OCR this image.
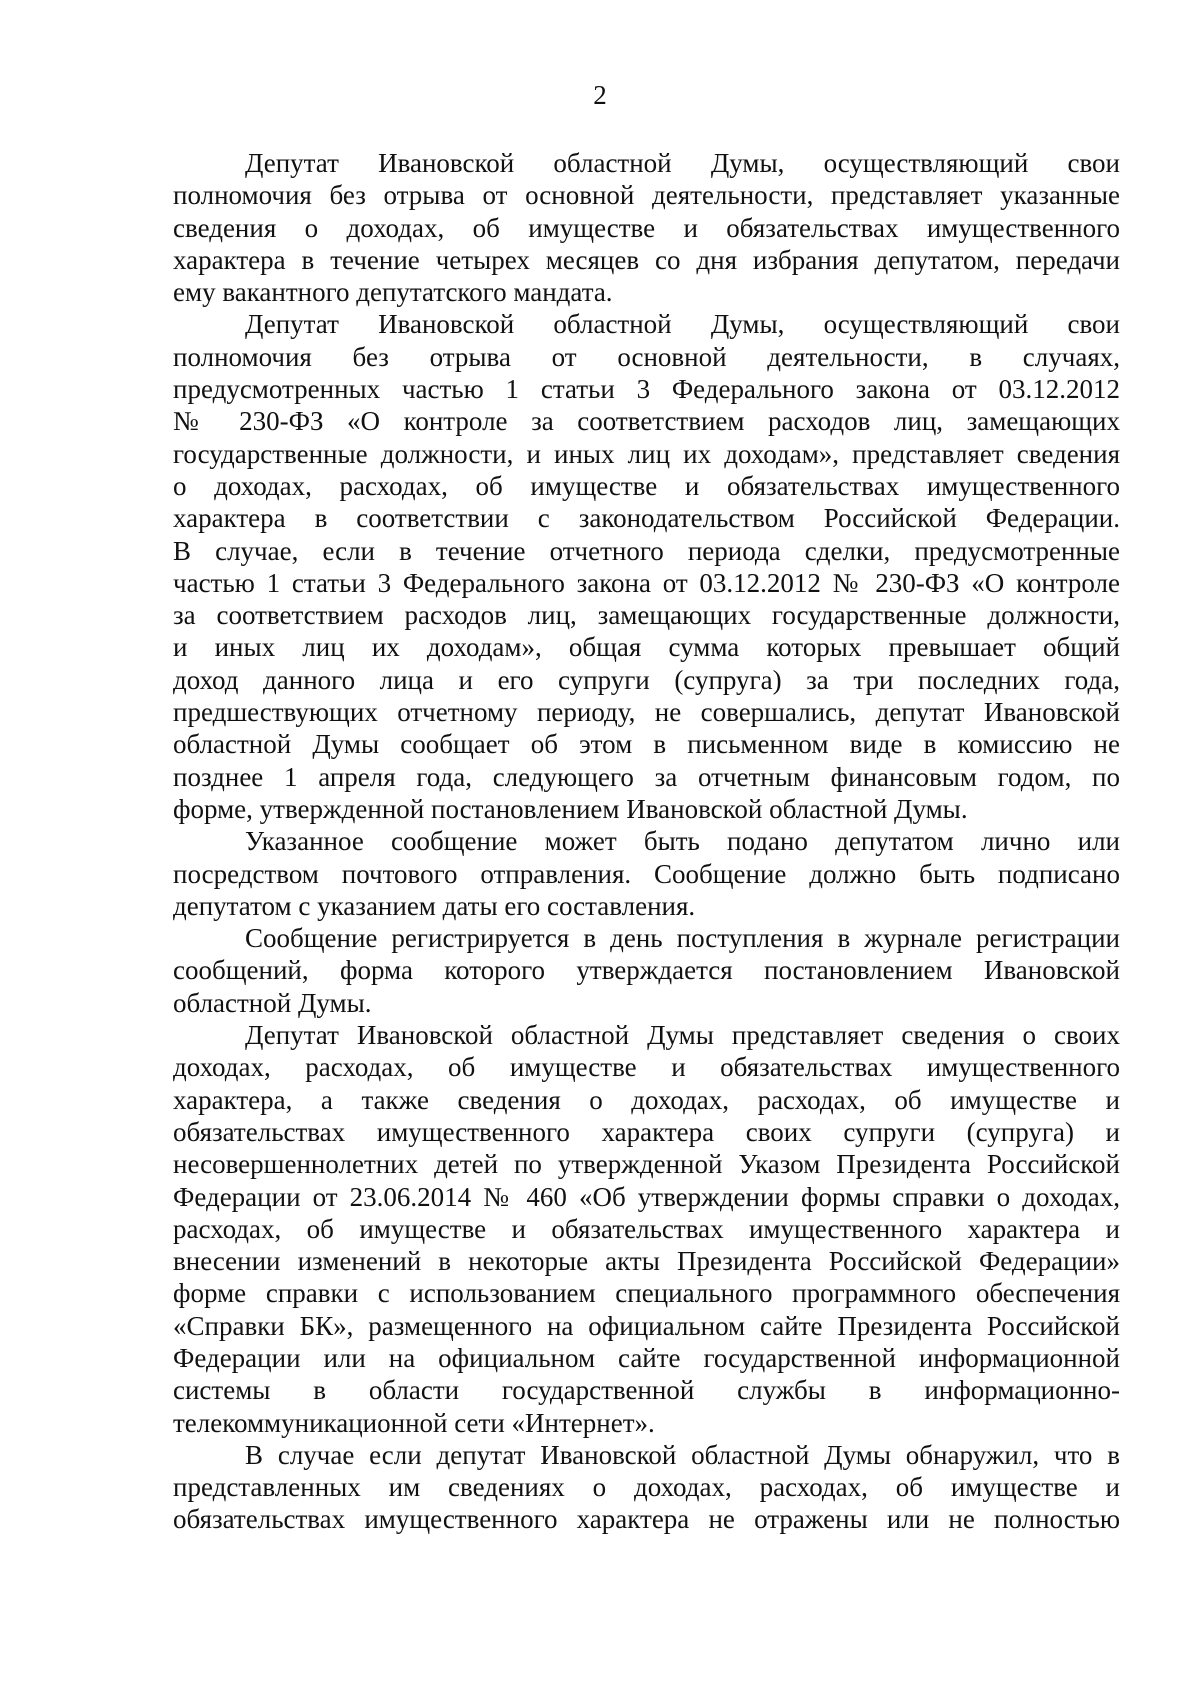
2
Депутат Ивановской областной Думы, осуществляющий свои
полномочия без отрыва от основной деятельности, представляет указанные
сведения о доходах, об имуществе и обязательствах имущественного
характера в течение четырех месяцев со дня избрания депутатом, передачи
ему вакантного депутатского мандата.
Депутат Ивановской областной Думы, осуществляющий свои
полномочия без отрыва от основной деятельности, в случаях,
предусмотренных частью 1 статьи 3 Федерального закона от 03.12.2012
№ 230-ФЗ «О контроле за соответствием расходов лиц, замещающих
государственные должности, и иных лиц их доходам», представляет сведения
о доходах, расходах, об имуществе и обязательствах имущественного
характера в соответствии с законодательством Российской Федерации.
В случае, если в течение отчетного периода сделки, предусмотренные
частью 1 статьи 3 Федерального закона от 03.12.2012 № 230-ФЗ «О контроле
за соответствием расходов лиц, замещающих государственные должности,
и иных лиц их доходам», общая сумма которых превышает общий
доход данного лица и его супруги (супруга) за три последних года,
предшествующих отчетному периоду, не совершались, депутат Ивановской
областной Думы сообщает об этом в письменном виде в комиссию не
позднее 1 апреля года, следующего за отчетным финансовым годом, по
форме, утвержденной постановлением Ивановской областной Думы.
Указанное сообщение может быть подано депутатом лично или
посредством почтового отправления. Сообщение должно быть подписано
депутатом с указанием даты его составления.
Сообщение регистрируется в день поступления в журнале регистрации
сообщений, форма которого утверждается постановлением Ивановской
областной Думы.
Депутат Ивановской областной Думы представляет сведения о своих
доходах, расходах, об имуществе и обязательствах имущественного
характера, а также сведения о доходах, расходах, об имуществе и
обязательствах имущественного характера своих супруги (супруга) и
несовершеннолетних детей по утвержденной Указом Президента Российской
Федерации от 23.06.2014 № 460 «Об утверждении формы справки о доходах,
расходах, об имуществе и обязательствах имущественного характера и
внесении изменений в некоторые акты Президента Российской Федерации»
форме справки с использованием специального программного обеспечения
«Справки БК», размещенного на официальном сайте Президента Российской
Федерации или на официальном сайте государственной информационной
системы в области государственной службы в информационно-
телекоммуникационной сети «Интернет».
В случае если депутат Ивановской областной Думы обнаружил, что в
представленных им сведениях о доходах, расходах, об имуществе и
обязательствах имущественного характера не отражены или не полностью
